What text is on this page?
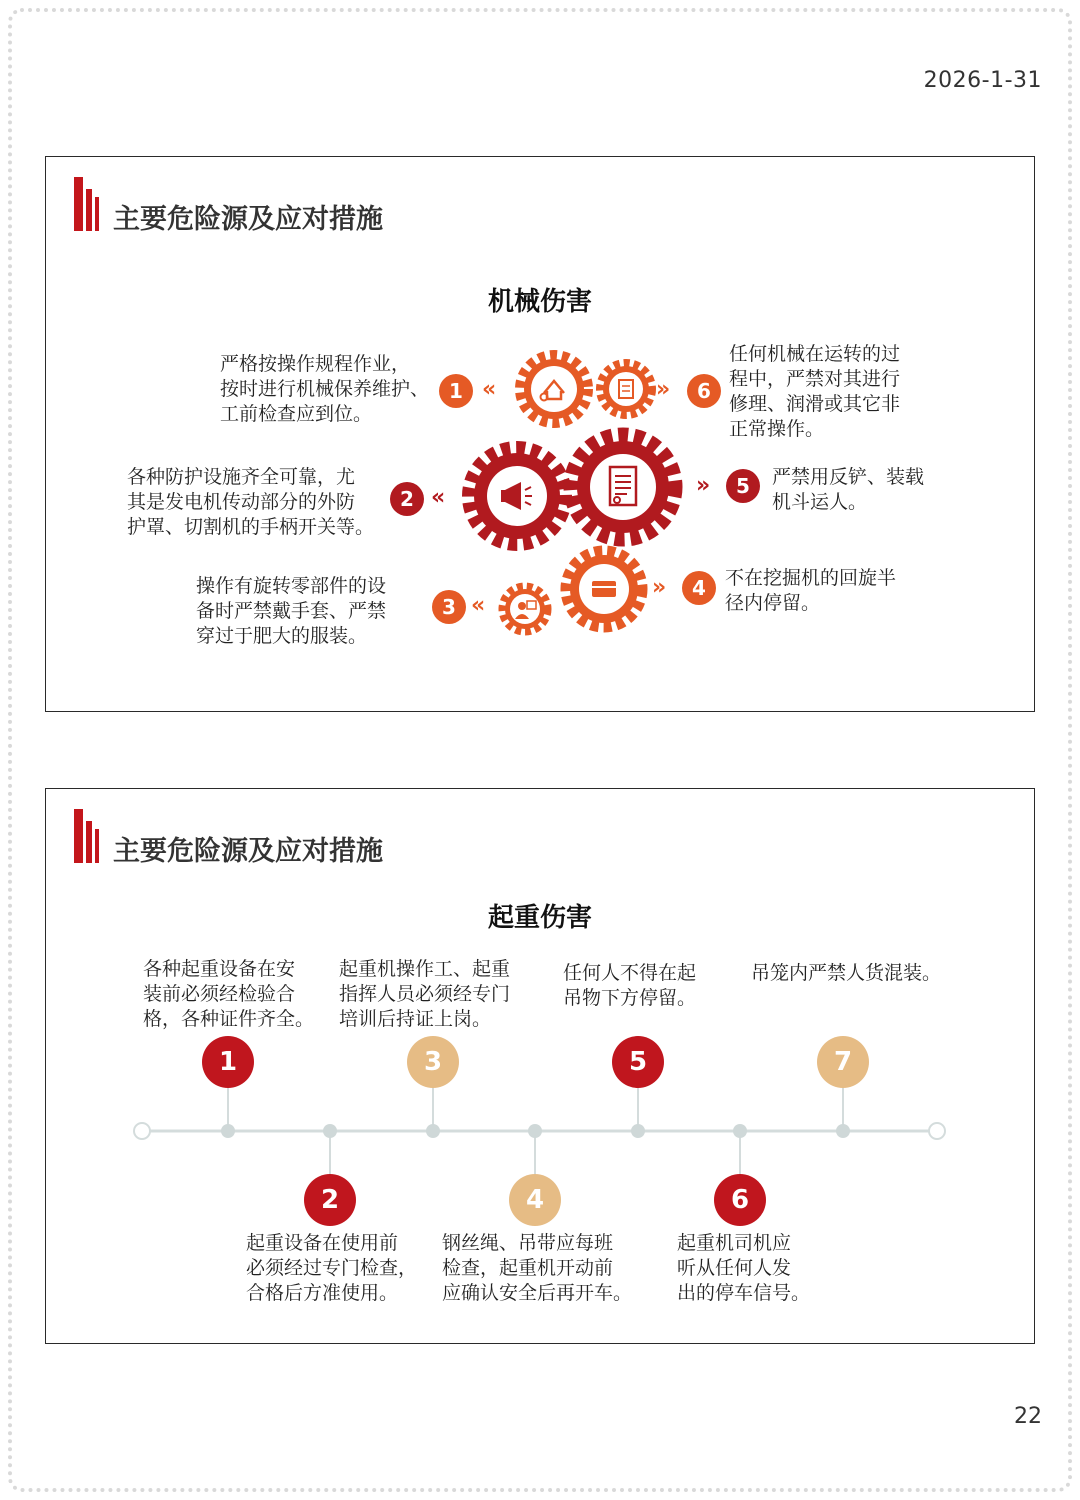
2026-1-31
主要危险源及应对措施
机械伤害
严格按操作规程作业，
按时进行机械保养维护、
工前检查应到位。
1 «	»	6
任何机械在运转的过
程中，严禁对其进行
修理、润滑或其它非
正常操作。
各种防护设施齐全可靠，尤
其是发电机传动部分的外防
护罩、切割机的手柄开关等。
2 «	»	5	严禁用反铲、装载
机斗运人。
操作有旋转零部件的设
备时严禁戴手套、严禁
穿过于肥大的服装。
3 «
»	4	不在挖掘机的回旋半
径内停留。
主要危险源及应对措施
起重伤害
各种起重设备在安
装前必须经检验合
格，各种证件齐全。
1
起重机操作工、起重
指挥人员必须经专门
培训后持证上岗。
3
任何人不得在起
吊物下方停留。
5
吊笼内严禁人货混装。
7
2
起重设备在使用前
必须经过专门检查，
合格后方准使用。
4
钢丝绳、吊带应每班
检查，起重机开动前
应确认安全后再开车。
6
起重机司机应
听从任何人发
出的停车信号。
22
